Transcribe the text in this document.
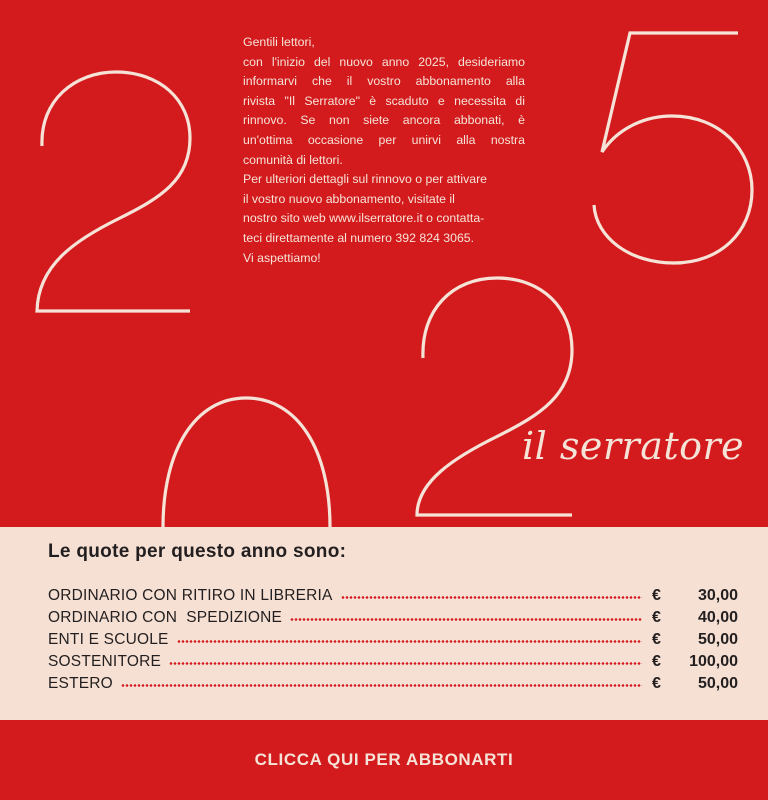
Gentili lettori,

con l'inizio del nuovo anno 2025, desideriamo

informarvi che il vostro abbonamento alla

rivista "Il Serratore" è scaduto e necessita di

rinnovo. Se non siete ancora abbonati, è

un'ottima occasione per unirvi alla nostra

comunità di lettori.

Per ulteriori dettagli sul rinnovo o per attivare

il vostro nuovo abbonamento, visitate il

nostro sito web www.ilserratore.it o contatta-

teci direttamente al numero 392 824 3065.

Vi aspettiamo!

il serratore
Le quote per questo anno sono:
ORDINARIO CON RITIRO IN LIBRERIA	€	30,00
ORDINARIO CON  SPEDIZIONE	€	40,00
ENTI E SCUOLE	€	50,00
SOSTENITORE	€	100,00
ESTERO	€	50,00
CLICCA QUI PER ABBONARTI
